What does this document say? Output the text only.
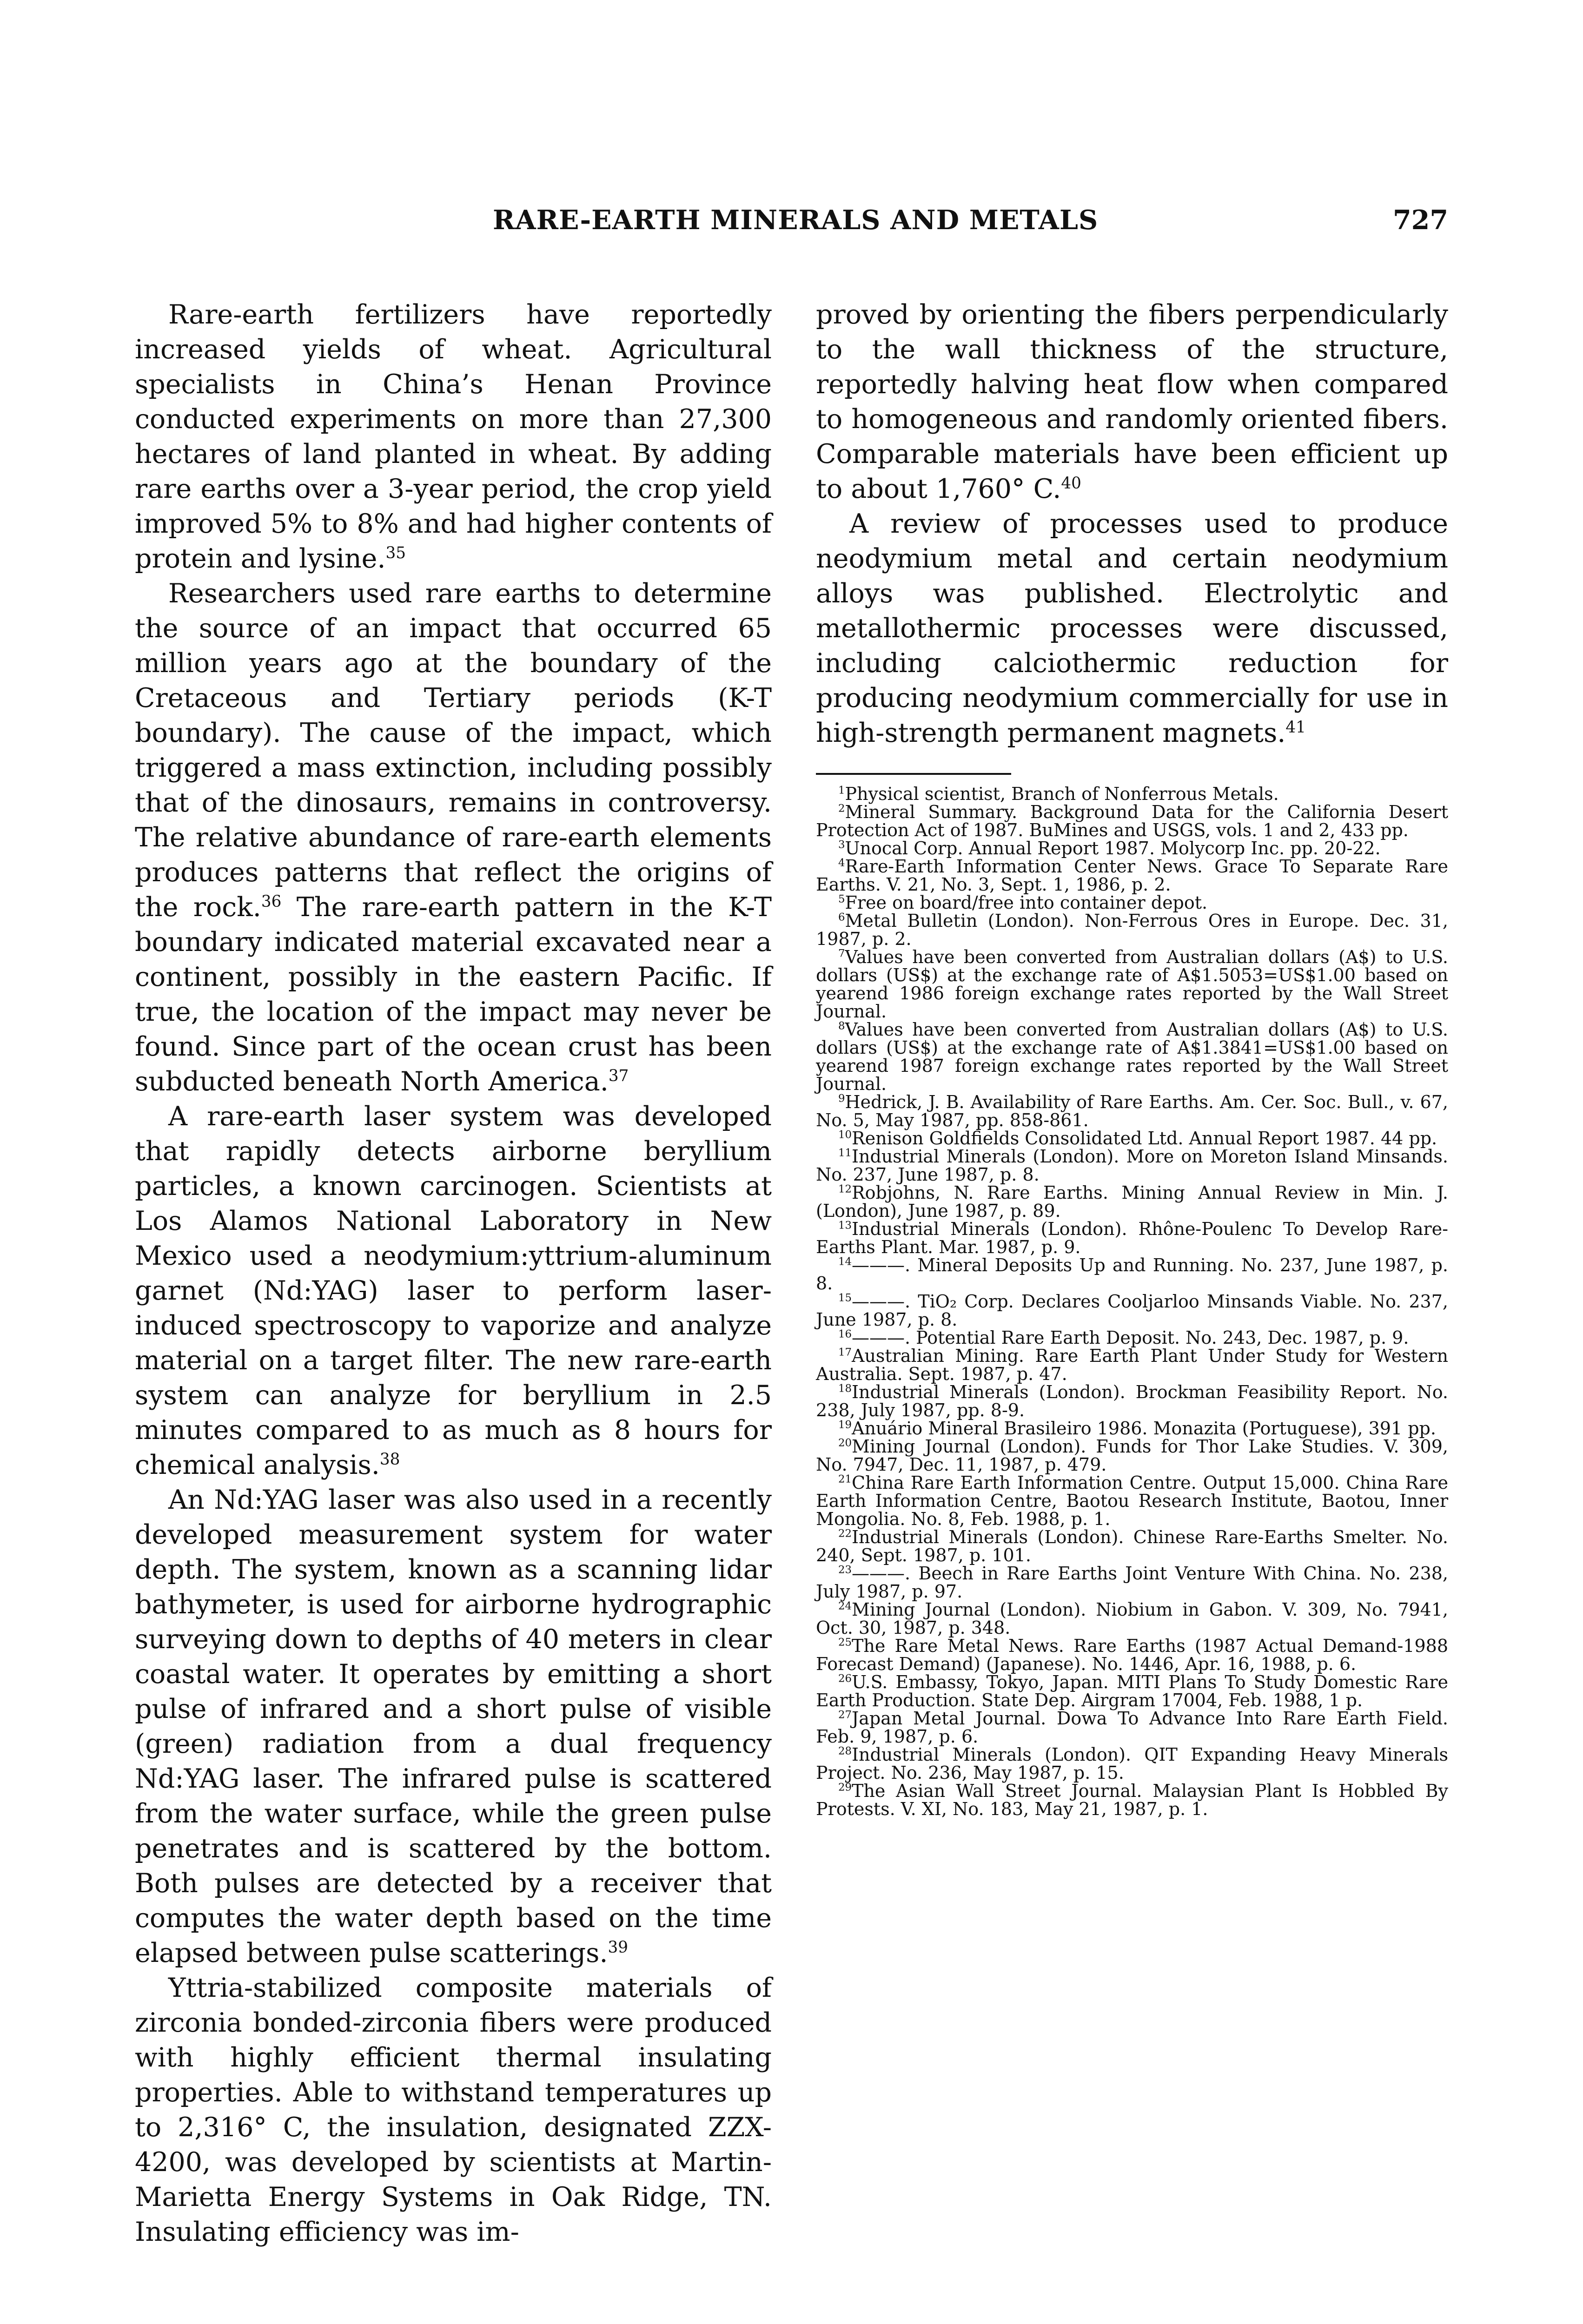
RARE-EARTH MINERALS AND METALS	727

Rare-earth fertilizers have reportedly increased yields of wheat. Agricultural specialists in China’s Henan Province conducted experiments on more than 27,300 hectares of land planted in wheat. By adding rare earths over a 3-year period, the crop yield improved 5% to 8% and had higher contents of protein and lysine.$^{35}$

Researchers used rare earths to determine the source of an impact that occurred 65 million years ago at the boundary of the Cretaceous and Tertiary periods (K-T boundary). The cause of the impact, which triggered a mass extinction, including possibly that of the dinosaurs, remains in controversy. The relative abundance of rare-earth elements produces patterns that reflect the origins of the rock.$^{36}$ The rare-earth pattern in the K-T boundary indicated material excavated near a continent, possibly in the eastern Pacific. If true, the location of the impact may never be found. Since part of the ocean crust has been subducted beneath North America.$^{37}$

A rare-earth laser system was developed that rapidly detects airborne beryllium particles, a known carcinogen. Scientists at Los Alamos National Laboratory in New Mexico used a neodymium:yttrium-aluminum garnet (Nd:YAG) laser to perform laser-induced spectroscopy to vaporize and analyze material on a target filter. The new rare-earth system can analyze for beryllium in 2.5 minutes compared to as much as 8 hours for chemical analysis.$^{38}$

An Nd:YAG laser was also used in a recently developed measurement system for water depth. The system, known as a scanning lidar bathymeter, is used for airborne hydrographic surveying down to depths of 40 meters in clear coastal water. It operates by emitting a short pulse of infrared and a short pulse of visible (green) radiation from a dual frequency Nd:YAG laser. The infrared pulse is scattered from the water surface, while the green pulse penetrates and is scattered by the bottom. Both pulses are detected by a receiver that computes the water depth based on the time elapsed between pulse scatterings.$^{39}$

Yttria-stabilized composite materials of zirconia bonded-zirconia fibers were produced with highly efficient thermal insulating properties. Able to withstand temperatures up to 2,316° C, the insulation, designated ZZX-4200, was developed by scientists at Martin-Marietta Energy Systems in Oak Ridge, TN. Insulating efficiency was im-

proved by orienting the fibers perpendicularly to the wall thickness of the structure, reportedly halving heat flow when compared to homogeneous and randomly oriented fibers. Comparable materials have been efficient up to about 1,760° C.$^{40}$

A review of processes used to produce neodymium metal and certain neodymium alloys was published. Electrolytic and metallothermic processes were discussed, including calciothermic reduction for producing neodymium commercially for use in high-strength permanent magnets.$^{41}$

$^1$Physical scientist, Branch of Nonferrous Metals.

$^2$Mineral Summary. Background Data for the California Desert Protection Act of 1987. BuMines and USGS, vols. 1 and 2, 433 pp.

$^3$Unocal Corp. Annual Report 1987. Molycorp Inc. pp. 20-22.

$^4$Rare-Earth Information Center News. Grace To Separate Rare Earths. V. 21, No. 3, Sept. 1, 1986, p. 2.

$^5$Free on board/free into container depot.

$^6$Metal Bulletin (London). Non-Ferrous Ores in Europe. Dec. 31, 1987, p. 2.

$^7$Values have been converted from Australian dollars (A$) to U.S. dollars (US$) at the exchange rate of A$1.5053=US$1.00 based on yearend 1986 foreign exchange rates reported by the Wall Street Journal.

$^8$Values have been converted from Australian dollars (A$) to U.S. dollars (US$) at the exchange rate of A$1.3841=US$1.00 based on yearend 1987 foreign exchange rates reported by the Wall Street Journal.

$^9$Hedrick, J. B. Availability of Rare Earths. Am. Cer. Soc. Bull., v. 67, No. 5, May 1987, pp. 858-861.

$^{10}$Renison Goldfields Consolidated Ltd. Annual Report 1987. 44 pp.

$^{11}$Industrial Minerals (London). More on Moreton Island Minsands. No. 237, June 1987, p. 8.

$^{12}$Robjohns, N. Rare Earths. Mining Annual Review in Min. J. (London), June 1987, p. 89.

$^{13}$Industrial Minerals (London). Rhône-Poulenc To Develop Rare-Earths Plant. Mar. 1987, p. 9.

$^{14}$———. Mineral Deposits Up and Running. No. 237, June 1987, p. 8.

$^{15}$———. TiO₂ Corp. Declares Cooljarloo Minsands Viable. No. 237, June 1987, p. 8.

$^{16}$———. Potential Rare Earth Deposit. No. 243, Dec. 1987, p. 9.

$^{17}$Australian Mining. Rare Earth Plant Under Study for Western Australia. Sept. 1987, p. 47.

$^{18}$Industrial Minerals (London). Brockman Feasibility Report. No. 238, July 1987, pp. 8-9.

$^{19}$Anuário Mineral Brasileiro 1986. Monazita (Portuguese), 391 pp.

$^{20}$Mining Journal (London). Funds for Thor Lake Studies. V. 309, No. 7947, Dec. 11, 1987, p. 479.

$^{21}$China Rare Earth Information Centre. Output 15,000. China Rare Earth Information Centre, Baotou Research Institute, Baotou, Inner Mongolia. No. 8, Feb. 1988, p. 1.

$^{22}$Industrial Minerals (London). Chinese Rare-Earths Smelter. No. 240, Sept. 1987, p. 101.

$^{23}$———. Beech in Rare Earths Joint Venture With China. No. 238, July 1987, p. 97.

$^{24}$Mining Journal (London). Niobium in Gabon. V. 309, No. 7941, Oct. 30, 1987, p. 348.

$^{25}$The Rare Metal News. Rare Earths (1987 Actual Demand-1988 Forecast Demand) (Japanese). No. 1446, Apr. 16, 1988, p. 6.

$^{26}$U.S. Embassy, Tokyo, Japan. MITI Plans To Study Domestic Rare Earth Production. State Dep. Airgram 17004, Feb. 1988, 1 p.

$^{27}$Japan Metal Journal. Dowa To Advance Into Rare Earth Field. Feb. 9, 1987, p. 6.

$^{28}$Industrial Minerals (London). QIT Expanding Heavy Minerals Project. No. 236, May 1987, p. 15.

$^{29}$The Asian Wall Street Journal. Malaysian Plant Is Hobbled By Protests. V. XI, No. 183, May 21, 1987, p. 1.
